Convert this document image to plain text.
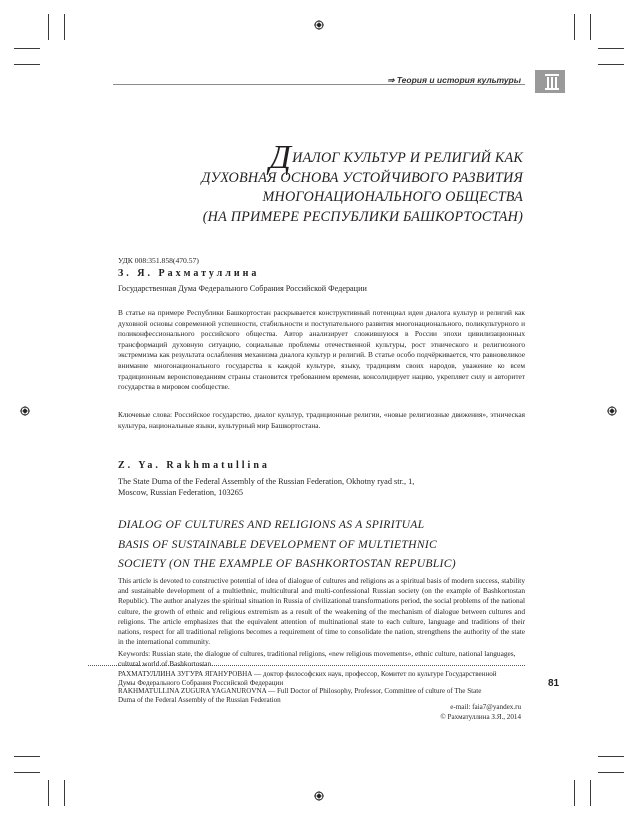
⇒ Теория и история культуры
ДИАЛОГ КУЛЬТУР И РЕЛИГИЙ КАК
ДУХОВНАЯ ОСНОВА УСТОЙЧИВОГО РАЗВИТИЯ
МНОГОНАЦИОНАЛЬНОГО ОБЩЕСТВА
(НА ПРИМЕРЕ РЕСПУБЛИКИ БАШКОРТОСТАН)
УДК 008:351.858(470.57)
З. Я. Рахматуллина
Государственная Дума Федерального Собрания Российской Федерации
В статье на примере Республики Башкортостан раскрывается конструктивный потенциал идеи диалога культур и религий как духовной основы современной успешности, стабильности и поступательного развития многонационального, поликультурного и поликонфессионального российского общества. Автор анализирует сложившуюся в России эпохи цивилизационных трансформаций духовную ситуацию, социальные проблемы отечественной культуры, рост этнического и религиозного экстремизма как результата ослабления механизма диалога культур и религий. В статье особо подчёркивается, что равновеликое внимание многонационального государства к каждой культуре, языку, традициям своих народов, уважение ко всем традиционным вероисповеданиям страны становится требованием времени, консолидирует нацию, укрепляет силу и авторитет государства в мировом сообществе.
Ключевые слова: Российское государство, диалог культур, традиционные религии, «новые религиозные движения», этническая культура, национальные языки, культурный мир Башкортостана.
Z. Ya. Rakhmatullina
The State Duma of the Federal Assembly of the Russian Federation, Okhotny ryad str., 1,
Moscow, Russian Federation, 103265
DIALOG OF CULTURES AND RELIGIONS AS A SPIRITUAL
BASIS OF SUSTAINABLE DEVELOPMENT OF MULTIETHNIC
SOCIETY (ON THE EXAMPLE OF BASHKORTOSTAN REPUBLIC)
This article is devoted to constructive potential of idea of dialogue of cultures and religions as a spiritual basis of modern success, stability and sustainable development of a multiethnic, multicultural and multi-confessional Russian society (on the example of Bashkortostan Republic). The author analyzes the spiritual situation in Russia of civilizational transformations period, the social problems of the national culture, the growth of ethnic and religious extremism as a result of the weakening of the mechanism of dialogue between cultures and religions. The article emphasizes that the equivalent attention of multinational state to each culture, language and traditions of their nations, respect for all traditional religions becomes a requirement of time to consolidate the nation, strengthens the authority of the state in the international community.
Keywords: Russian state, the dialogue of cultures, traditional religions, «new religious movements», ethnic culture, national languages, cultural world of Bashkortostan.
РАХМАТУЛЛИНА ЗУГУРА ЯГАНУРОВНА — доктор философских наук, профессор, Комитет по культуре Государственной Думы Федерального Собрания Российской Федерации
RAKHMATULLINA ZUGURA YAGANUROVNA — Full Doctor of Philosophy, Professor, Committee of culture of The State Duma of the Federal Assembly of the Russian Federation
e-mail: faia7@yandex.ru
© Рахматуллина З.Я., 2014
81
